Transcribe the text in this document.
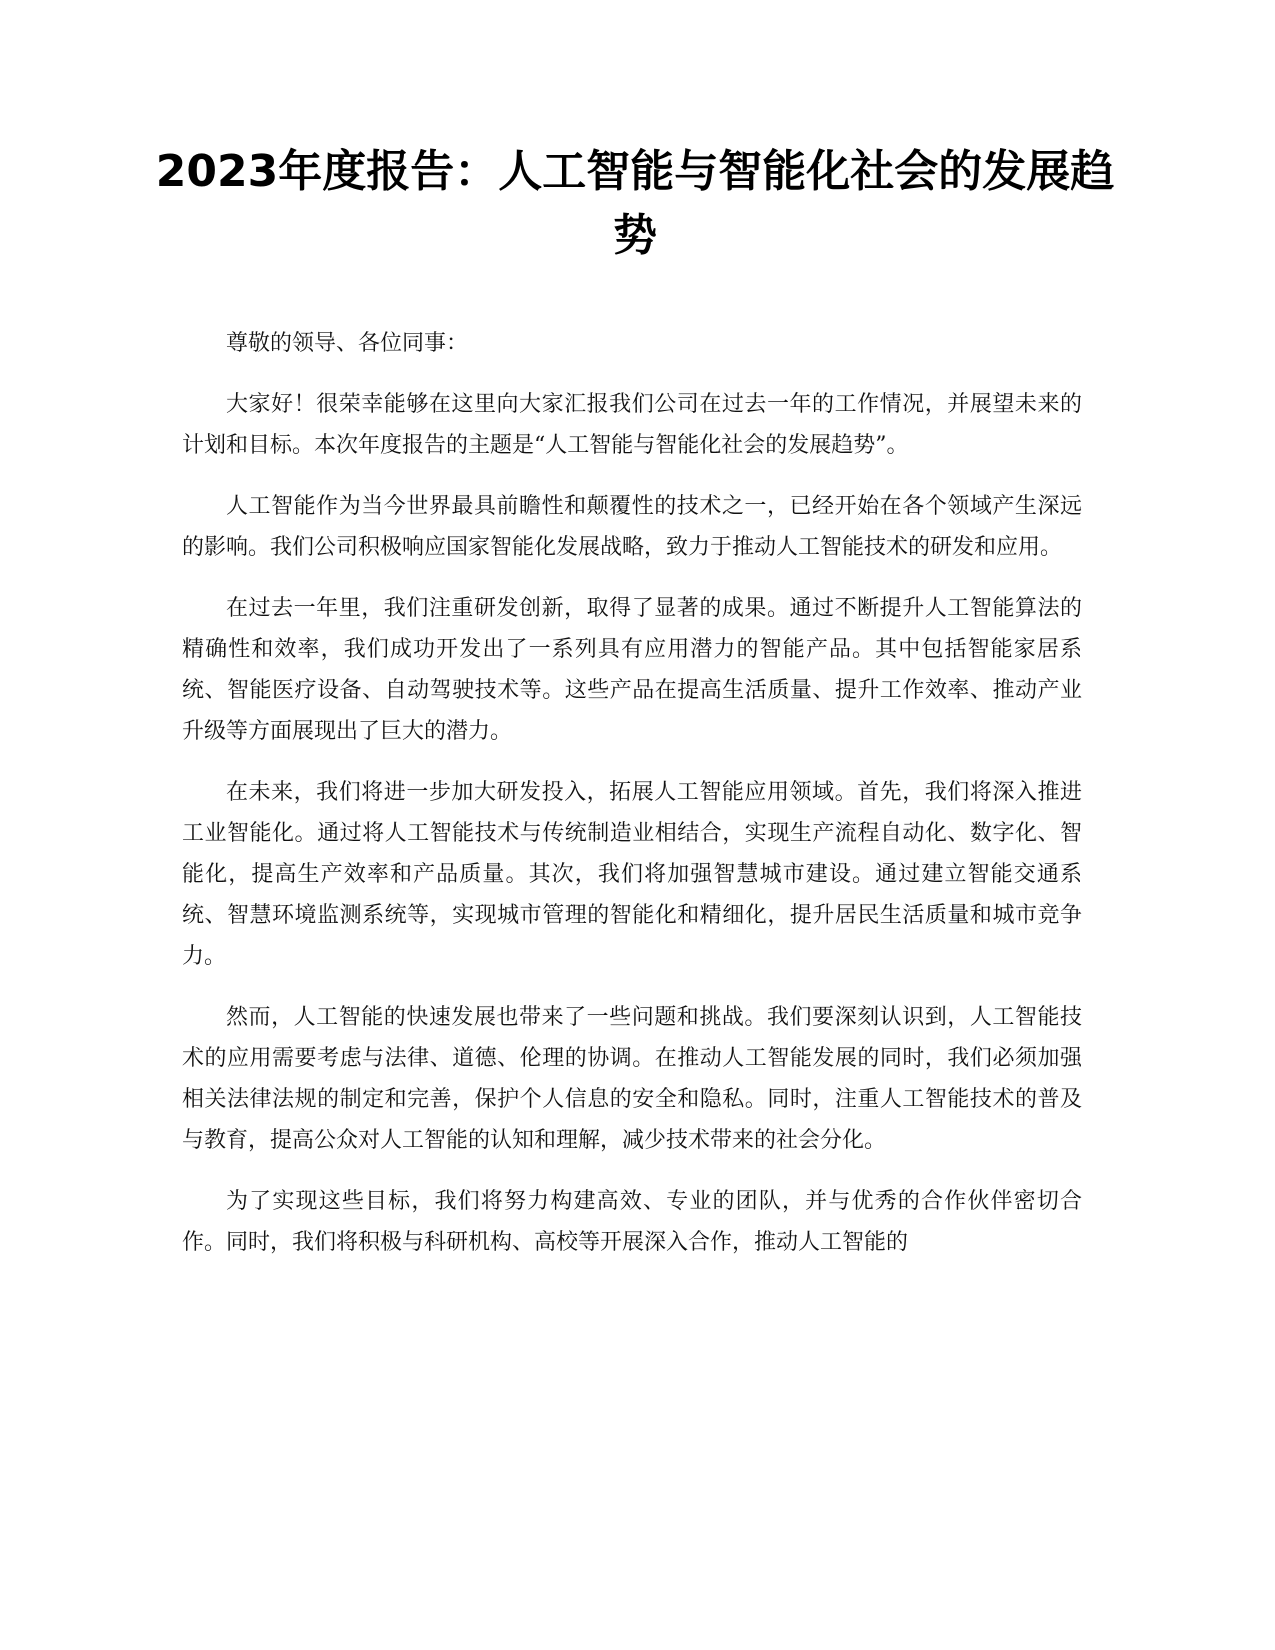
2023年度报告：人工智能与智能化社会的发展趋势

尊敬的领导、各位同事：

大家好！很荣幸能够在这里向大家汇报我们公司在过去一年的工作情况，并展望未来的计划和目标。本次年度报告的主题是“人工智能与智能化社会的发展趋势”。

人工智能作为当今世界最具前瞻性和颠覆性的技术之一，已经开始在各个领域产生深远的影响。我们公司积极响应国家智能化发展战略，致力于推动人工智能技术的研发和应用。

在过去一年里，我们注重研发创新，取得了显著的成果。通过不断提升人工智能算法的精确性和效率，我们成功开发出了一系列具有应用潜力的智能产品。其中包括智能家居系统、智能医疗设备、自动驾驶技术等。这些产品在提高生活质量、提升工作效率、推动产业升级等方面展现出了巨大的潜力。

在未来，我们将进一步加大研发投入，拓展人工智能应用领域。首先，我们将深入推进工业智能化。通过将人工智能技术与传统制造业相结合，实现生产流程自动化、数字化、智能化，提高生产效率和产品质量。其次，我们将加强智慧城市建设。通过建立智能交通系统、智慧环境监测系统等，实现城市管理的智能化和精细化，提升居民生活质量和城市竞争力。

然而，人工智能的快速发展也带来了一些问题和挑战。我们要深刻认识到，人工智能技术的应用需要考虑与法律、道德、伦理的协调。在推动人工智能发展的同时，我们必须加强相关法律法规的制定和完善，保护个人信息的安全和隐私。同时，注重人工智能技术的普及与教育，提高公众对人工智能的认知和理解，减少技术带来的社会分化。

为了实现这些目标，我们将努力构建高效、专业的团队，并与优秀的合作伙伴密切合作。同时，我们将积极与科研机构、高校等开展深入合作，推动人工智能的
